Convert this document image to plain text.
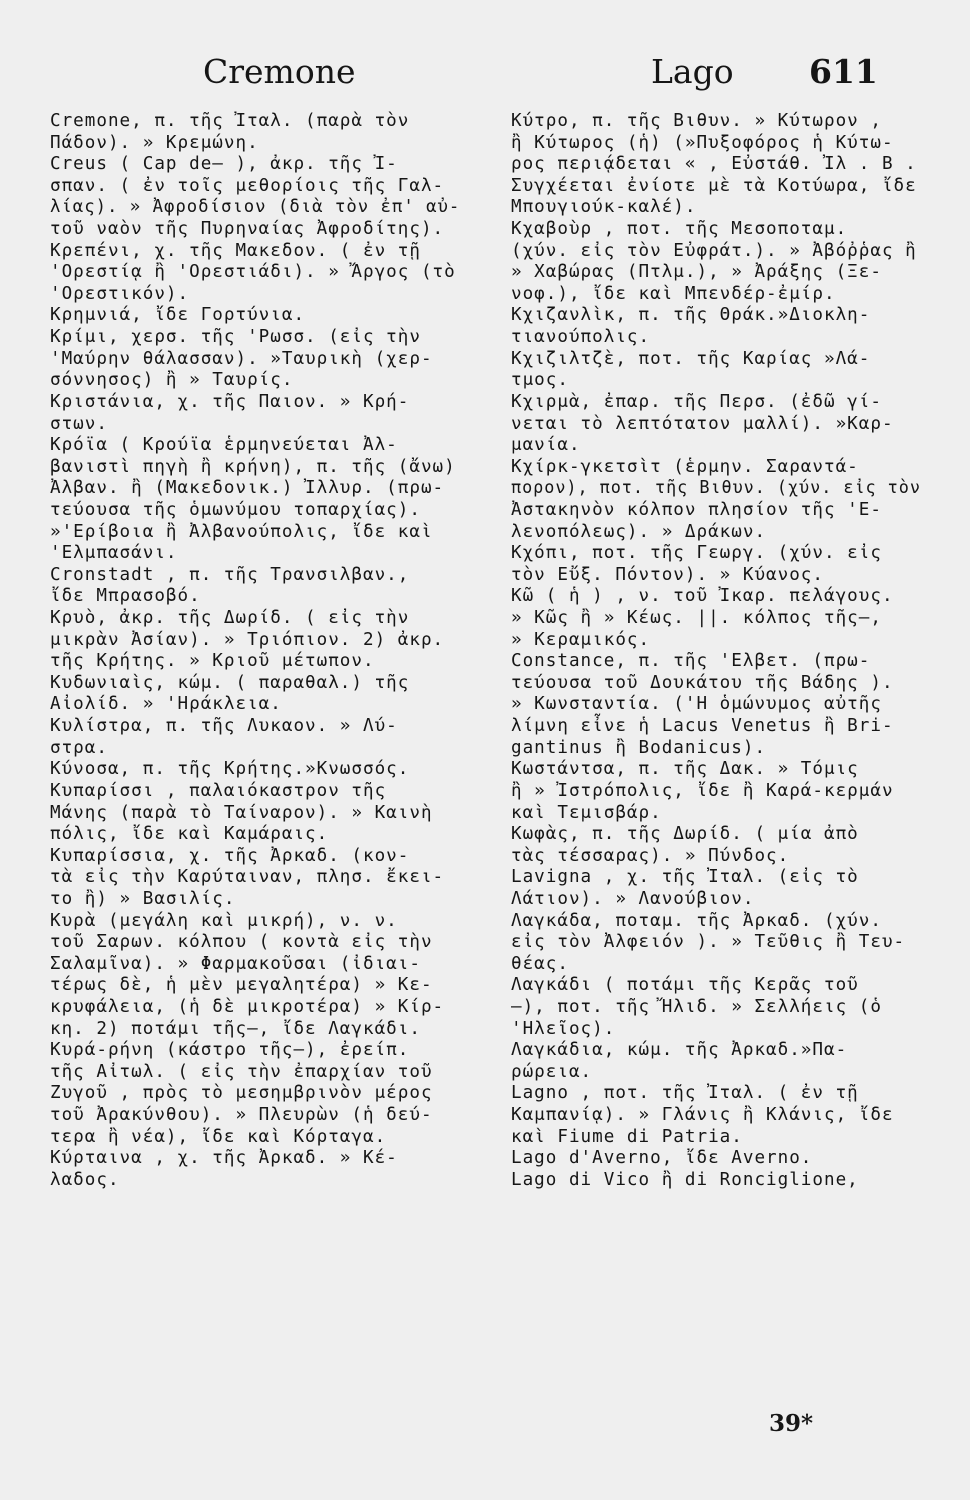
Cremone	Lago 611
Cremone, π. τῆς Ἰταλ. (παρὰ τὸν
Πάδον). » Κρεμώνη.
Creus ( Cap de— ), ἀκρ. τῆς Ἰ-
σπαν. ( ἐν τοῖς μεθορίοις τῆς Γαλ-
λίας). » Ἀφροδίσιον (διὰ τὸν ἐπ' αὐ-
τοῦ ναὸν τῆς Πυρηναίας Ἀφροδίτης).
Κρεπένι, χ. τῆς Μακεδον. ( ἐν τῇ
'Ορεστίᾳ ἢ 'Ορεστιάδι). » Ἄργος (τὸ
'Ορεστικόν).
Κρημνιά, ἴδε Γορτύνια.
Κρίμι, χερσ. τῆς 'Ρωσσ. (εἰς τὴν
'Μαύρην θάλασσαν). »Ταυρικὴ (χερ-
σόννησος) ἢ » Ταυρίς.
Κριστάνια, χ. τῆς Παιον. » Κρή-
στων.
Κρόϊα ( Κρούϊα ἑρμηνεύεται Ἀλ-
βανιστὶ πηγὴ ἢ κρήνη), π. τῆς (ἄνω)
Ἀλβαν. ἢ (Μακεδονικ.) Ἰλλυρ. (πρω-
τεύουσα τῆς ὁμωνύμου τοπαρχίας).
»'Ερίβοια ἢ Ἀλβανούπολις, ἴδε καὶ
'Ελμπασάνι.
Cronstadt , π. τῆς Τρανσιλβαν.,
ἴδε Μπρασοβό.
Κρυὸ, ἀκρ. τῆς Δωρίδ. ( εἰς τὴν
μικρὰν Ἀσίαν). » Τριόπιον. 2) ἀκρ.
τῆς Κρήτης. » Κριοῦ μέτωπον.
Κυδωνιαὶς, κώμ. ( παραθαλ.) τῆς
Αἰολίδ. » 'Ηράκλεια.
Κυλίστρα, π. τῆς Λυκαον. » Λύ-
στρα.
Κύνοσα, π. τῆς Κρήτης.»Κνωσσός.
Κυπαρίσσι , παλαιόκαστρον τῆς
Μάνης (παρὰ τὸ Ταίναρον). » Καινὴ
πόλις, ἴδε καὶ Καμάραις.
Κυπαρίσσια, χ. τῆς Ἀρκαδ. (κον-
τὰ εἰς τὴν Καρύταιναν, πλησ. ἔκει-
το ἢ) » Βασιλίς.
Κυρὰ (μεγάλη καὶ μικρή), ν. ν.
τοῦ Σαρων. κόλπου ( κοντὰ εἰς τὴν
Σαλαμῖνα). » Φαρμακοῦσαι (ἰδιαι-
τέρως δὲ, ἡ μὲν μεγαλητέρα) » Κε-
κρυφάλεια, (ἡ δὲ μικροτέρα) » Κίρ-
κη. 2) ποτάμι τῆς—, ἴδε Λαγκάδι.
Κυρά-ρήνη (κάστρο τῆς—), ἐρείπ.
τῆς Αἰτωλ. ( εἰς τὴν ἐπαρχίαν τοῦ
Ζυγοῦ , πρὸς τὸ μεσημβρινὸν μέρος
τοῦ Ἀρακύνθου). » Πλευρὼν (ἡ δεύ-
τερα ἢ νέα), ἴδε καὶ Κόρταγα.
Κύρταινα , χ. τῆς Ἀρκαδ. » Κέ-
λαδος.
Κύτρο, π. τῆς Βιθυν. » Κύτωρον ,
ἢ Κύτωρος (ἡ) (»Πυξοφόρος ἡ Κύτω-
ρος περιᾴδεται « , Εὐστάθ. Ἰλ . Β .
Συγχέεται ἐνίοτε μὲ τὰ Κοτύωρα, ἴδε
Μπουγιούκ-καλέ).
Κχαβοὺρ , ποτ. τῆς Μεσοποταμ.
(χύν. εἰς τὸν Εὐφράτ.). » Ἀβόῤῥας ἢ
» Χαβώρας (Πτλμ.), » Ἀράξης (Ξε-
νοφ.), ἴδε καὶ Μπενδέρ-ἐμίρ.
Κχιζανλὶκ, π. τῆς Θράκ.»Διοκλη-
τιανούπολις.
Κχιζιλτζὲ, ποτ. τῆς Καρίας »Λά-
τμος.
Κχιρμὰ, ἐπαρ. τῆς Περσ. (ἐδῶ γί-
νεται τὸ λεπτότατον μαλλί). »Καρ-
μανία.
Κχίρκ-γκετσὶτ (ἑρμην. Σαραντά-
πορον), ποτ. τῆς Βιθυν. (χύν. εἰς τὸν
Ἀστακηνὸν κόλπον πλησίον τῆς 'Ε-
λενοπόλεως). » Δράκων.
Κχόπι, ποτ. τῆς Γεωργ. (χύν. εἰς
τὸν Εὔξ. Πόντον). » Κύανος.
Κῶ ( ἡ ) , ν. τοῦ Ἰκαρ. πελάγους.
» Κῶς ἢ » Κέως. ||. κόλπος τῆς—,
» Κεραμικός.
Constance, π. τῆς 'Ελβετ. (πρω-
τεύουσα τοῦ Δουκάτου τῆς Βάδης ).
» Κωνσταντία. ('Η ὁμώνυμος αὐτῆς
λίμνη εἶνε ἡ Lacus Venetus ἢ Bri-
gantinus ἢ Bodanicus).
Κωστάντσα, π. τῆς Δακ. » Τόμις
ἢ » Ἰστρόπολις, ἴδε ἢ Καρά-κερμάν
καὶ Τεμισβάρ.
Κωφὰς, π. τῆς Δωρίδ. ( μία ἀπὸ
τὰς τέσσαρας). » Πύνδος.
Lavigna , χ. τῆς Ἰταλ. (εἰς τὸ
Λάτιον). » Λανούβιον.
Λαγκάδα, ποταμ. τῆς Ἀρκαδ. (χύν.
εἰς τὸν Ἀλφειόν ). » Τεῦθις ἢ Τευ-
θέας.
Λαγκάδι ( ποτάμι τῆς Κερᾶς τοῦ
—), ποτ. τῆς Ἤλιδ. » Σελλήεις (ὁ
'Ηλεῖος).
Λαγκάδια, κώμ. τῆς Ἀρκαδ.»Πα-
ρώρεια.
Lagno , ποτ. τῆς Ἰταλ. ( ἐν τῇ
Καμπανίᾳ). » Γλάνις ἢ Κλάνις, ἴδε
καὶ Fiume di Patria.
Lago d'Averno, ἴδε Averno.
Lago di Vico ἢ di Ronciglione,
39*
